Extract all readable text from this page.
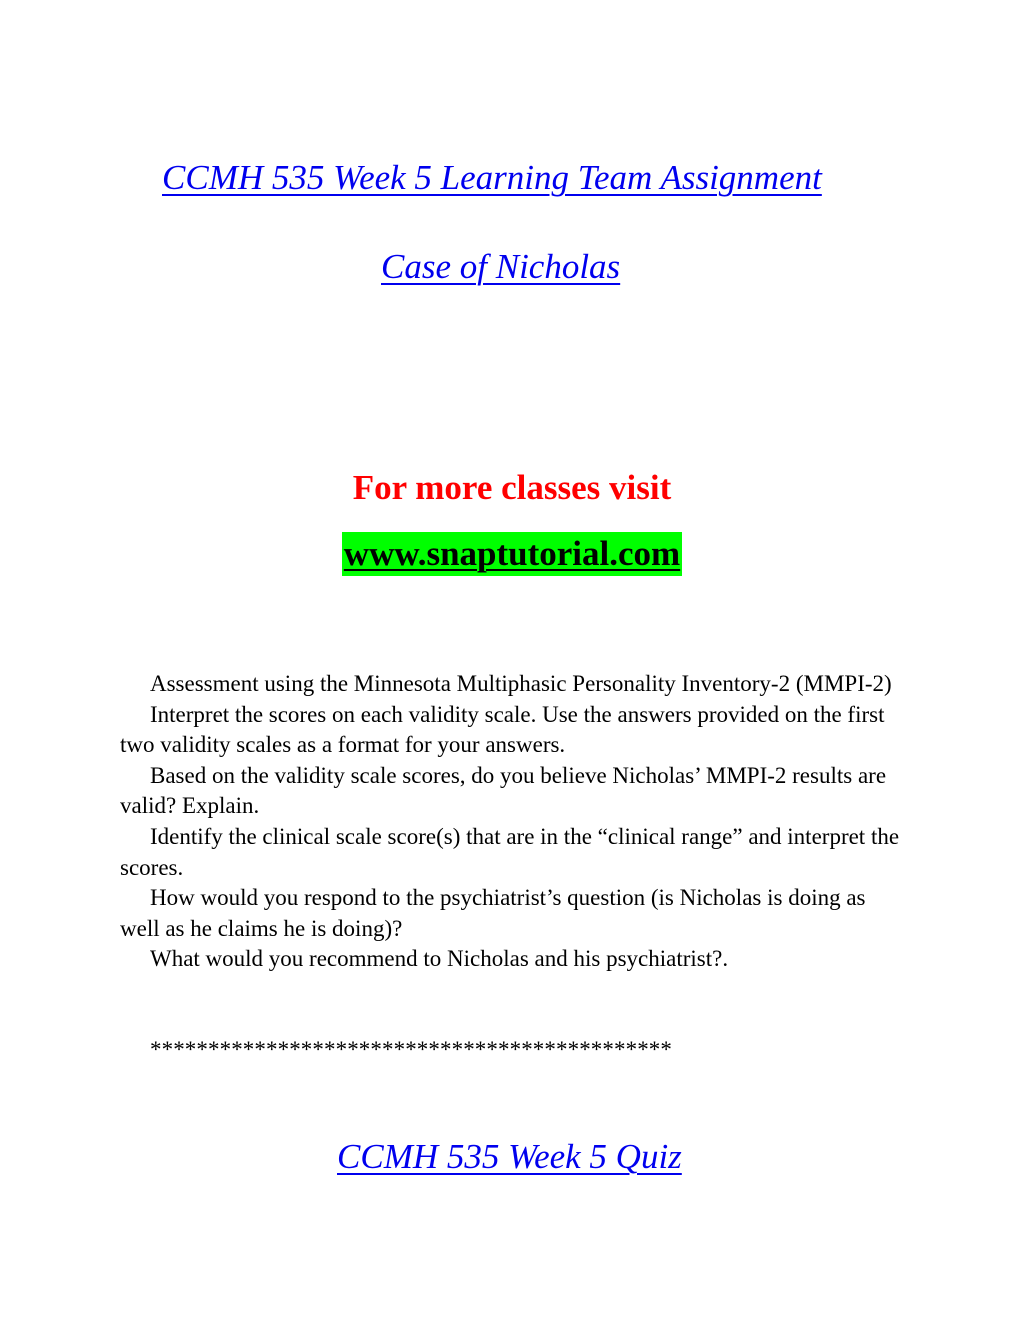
CCMH 535 Week 5 Learning Team Assignment
Case of Nicholas
For more classes visit
www.snaptutorial.com

Assessment using the Minnesota Multiphasic Personality Inventory-2 (MMPI-2)

Interpret the scores on each validity scale. Use the answers provided on the first two validity scales as a format for your answers.

Based on the validity scale scores, do you believe Nicholas’ MMPI-2 results are valid? Explain.

Identify the clinical scale score(s) that are in the “clinical range” and interpret the scores.

How would you respond to the psychiatrist’s question (is Nicholas is doing as well as he claims he is doing)?

What would you recommend to Nicholas and his psychiatrist?.

*********************************************
CCMH 535 Week 5 Quiz
